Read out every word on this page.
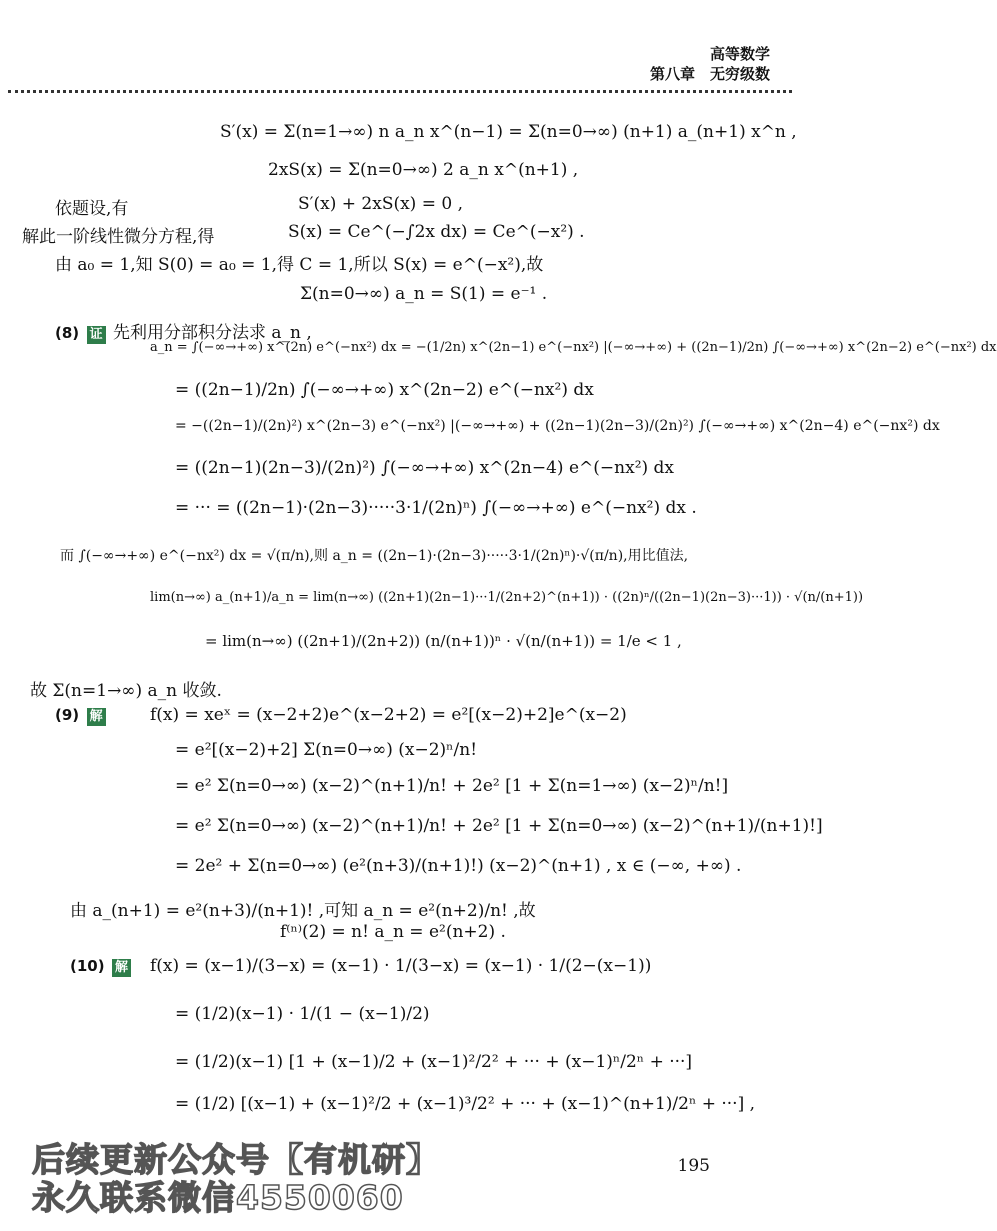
高等数学
第八章　无穷级数
S′(x) = Σ(n=1→∞) n a_n x^(n−1) = Σ(n=0→∞) (n+1) a_(n+1) x^n ,
2xS(x) = Σ(n=0→∞) 2 a_n x^(n+1) ,
依题设,有	S′(x) + 2xS(x) = 0 ,
解此一阶线性微分方程,得	S(x) = Ce^(−∫2x dx) = Ce^(−x²) .
由 a₀ = 1,知 S(0) = a₀ = 1,得 C = 1,所以 S(x) = e^(−x²),故
Σ(n=0→∞) a_n = S(1) = e⁻¹ .
(8) 证 先利用分部积分法求 a_n ,
a_n = ∫(−∞→+∞) x^(2n) e^(−nx²) dx = −(1/2n) x^(2n−1) e^(−nx²) |(−∞→+∞) + ((2n−1)/2n) ∫(−∞→+∞) x^(2n−2) e^(−nx²) dx
= ((2n−1)/2n) ∫(−∞→+∞) x^(2n−2) e^(−nx²) dx
= −((2n−1)/(2n)²) x^(2n−3) e^(−nx²) |(−∞→+∞) + ((2n−1)(2n−3)/(2n)²) ∫(−∞→+∞) x^(2n−4) e^(−nx²) dx
= ((2n−1)(2n−3)/(2n)²) ∫(−∞→+∞) x^(2n−4) e^(−nx²) dx
= ··· = ((2n−1)·(2n−3)·····3·1/(2n)ⁿ) ∫(−∞→+∞) e^(−nx²) dx .
而 ∫(−∞→+∞) e^(−nx²) dx = √(π/n),则 a_n = ((2n−1)·(2n−3)·····3·1/(2n)ⁿ)·√(π/n),用比值法,
lim(n→∞) a_(n+1)/a_n = lim(n→∞) ((2n+1)(2n−1)···1/(2n+2)^(n+1)) · ((2n)ⁿ/((2n−1)(2n−3)···1)) · √(n/(n+1))
= lim(n→∞) ((2n+1)/(2n+2)) (n/(n+1))ⁿ · √(n/(n+1)) = 1/e < 1 ,
故 Σ(n=1→∞) a_n 收敛.
(9) 解	f(x) = xeˣ = (x−2+2)e^(x−2+2) = e²[(x−2)+2]e^(x−2)
= e²[(x−2)+2] Σ(n=0→∞) (x−2)ⁿ/n!
= e² Σ(n=0→∞) (x−2)^(n+1)/n! + 2e² [1 + Σ(n=1→∞) (x−2)ⁿ/n!]
= e² Σ(n=0→∞) (x−2)^(n+1)/n! + 2e² [1 + Σ(n=0→∞) (x−2)^(n+1)/(n+1)!]
= 2e² + Σ(n=0→∞) (e²(n+3)/(n+1)!) (x−2)^(n+1) , x ∈ (−∞, +∞) .
由 a_(n+1) = e²(n+3)/(n+1)! ,可知 a_n = e²(n+2)/n! ,故
f⁽ⁿ⁾(2) = n! a_n = e²(n+2) .
(10) 解 f(x) = (x−1)/(3−x) = (x−1) · 1/(3−x) = (x−1) · 1/(2−(x−1))
= (1/2)(x−1) · 1/(1 − (x−1)/2)
= (1/2)(x−1) [1 + (x−1)/2 + (x−1)²/2² + ··· + (x−1)ⁿ/2ⁿ + ···]
= (1/2) [(x−1) + (x−1)²/2 + (x−1)³/2² + ··· + (x−1)^(n+1)/2ⁿ + ···] ,
后续更新公众号【有机研】
永久联系微信4550060
195
